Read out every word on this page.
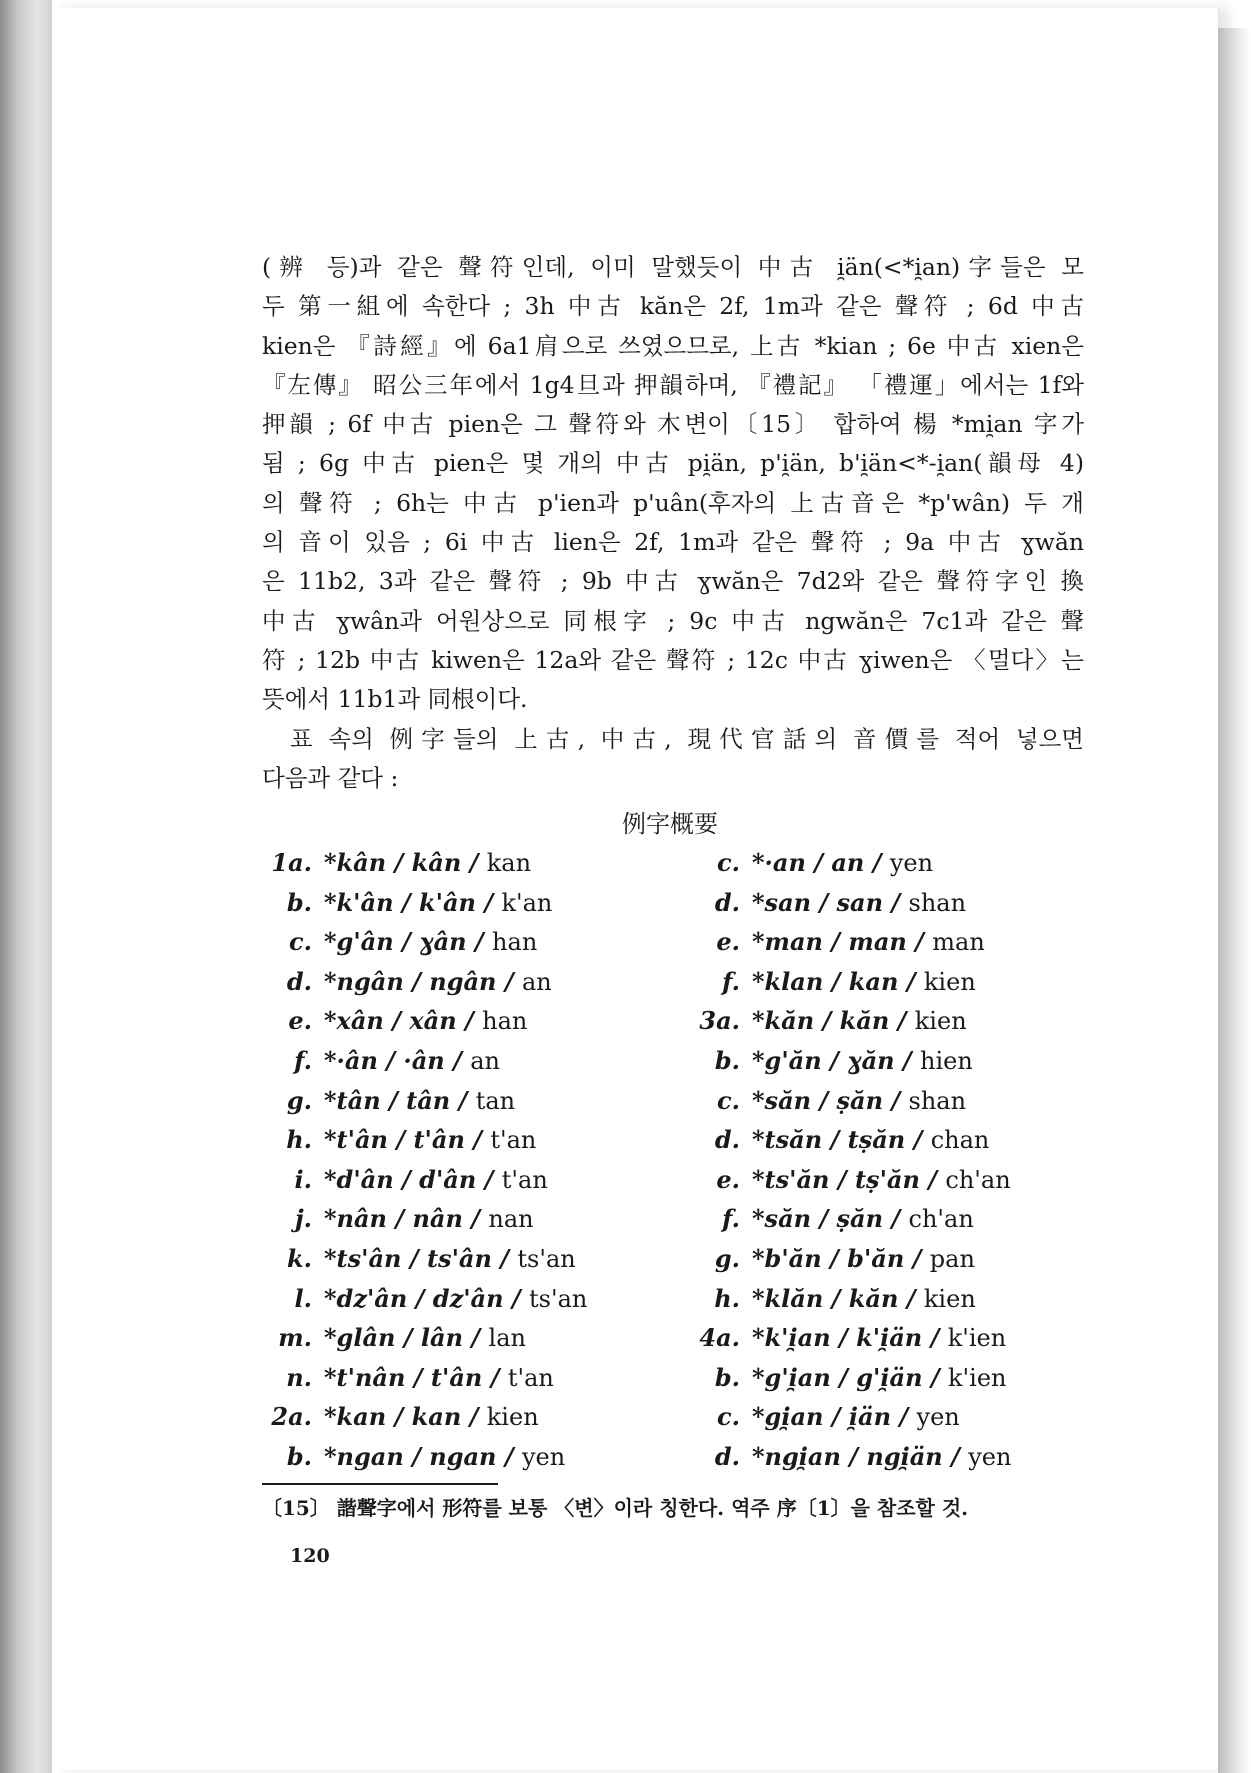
(辨 등)과 같은 聲符인데, 이미 말했듯이 中古 i̯än(<*i̯an)字들은 모
두 第一組에 속한다 ; 3h 中古 kăn은 2f, 1m과 같은 聲符 ; 6d 中古
kien은 『詩經』에 6a1肩으로 쓰였으므로, 上古 *kian ; 6e 中古 xien은
『左傳』 昭公三年에서 1g4旦과 押韻하며, 『禮記』 「禮運」에서는 1f와
押韻 ; 6f 中古 pien은 그 聲符와 木변이〔15〕 합하여 楊 *mi̯an 字가
됨 ; 6g 中古 pien은 몇 개의 中古 pi̯än, p'i̯än, b'i̯än<*-i̯an(韻母 4)
의 聲符 ; 6h는 中古 p'ien과 p'uân(후자의 上古音은 *p'wân) 두 개
의 音이 있음 ; 6i 中古 lien은 2f, 1m과 같은 聲符 ; 9a 中古 ɣwăn
은 11b2, 3과 같은 聲符 ; 9b 中古 ɣwăn은 7d2와 같은 聲符字인 換
中古 ɣwân과 어원상으로 同根字 ; 9c 中古 ngwăn은 7c1과 같은 聲
符 ; 12b 中古 kiwen은 12a와 같은 聲符 ; 12c 中古 ɣiwen은 〈멀다〉는
뜻에서 11b1과 同根이다.
표 속의 例字들의 上古, 中古, 現代官話의 音價를 적어 넣으면
다음과 같다 :
例字概要
1a. *kân / kân / kan
b. *k'ân / k'ân / k'an
c. *g'ân / ɣân / han
d. *ngân / ngân / an
e. *xân / xân / han
f. *·ân / ·ân / an
g. *tân / tân / tan
h. *t'ân / t'ân / t'an
i. *d'ân / d'ân / t'an
j. *nân / nân / nan
k. *ts'ân / ts'ân / ts'an
l. *dz'ân / dz'ân / ts'an
m. *glân / lân / lan
n. *t'nân / t'ân / t'an
2a. *kan / kan / kien
b. *ngan / ngan / yen
c. *·an / an / yen
d. *san / san / shan
e. *man / man / man
f. *klan / kan / kien
3a. *kăn / kăn / kien
b. *g'ăn / ɣăn / hien
c. *săn / ṣăn / shan
d. *tsăn / tṣăn / chan
e. *ts'ăn / tṣ'ăn / ch'an
f. *săn / ṣăn / ch'an
g. *b'ăn / b'ăn / pan
h. *klăn / kăn / kien
4a. *k'i̯an / k'i̯än / k'ien
b. *g'i̯an / g'i̯än / k'ien
c. *gi̯an / i̯än / yen
d. *ngi̯an / ngi̯än / yen
〔15〕 諧聲字에서 形符를 보통 〈변〉이라 칭한다. 역주 序〔1〕을 참조할 것.
120
